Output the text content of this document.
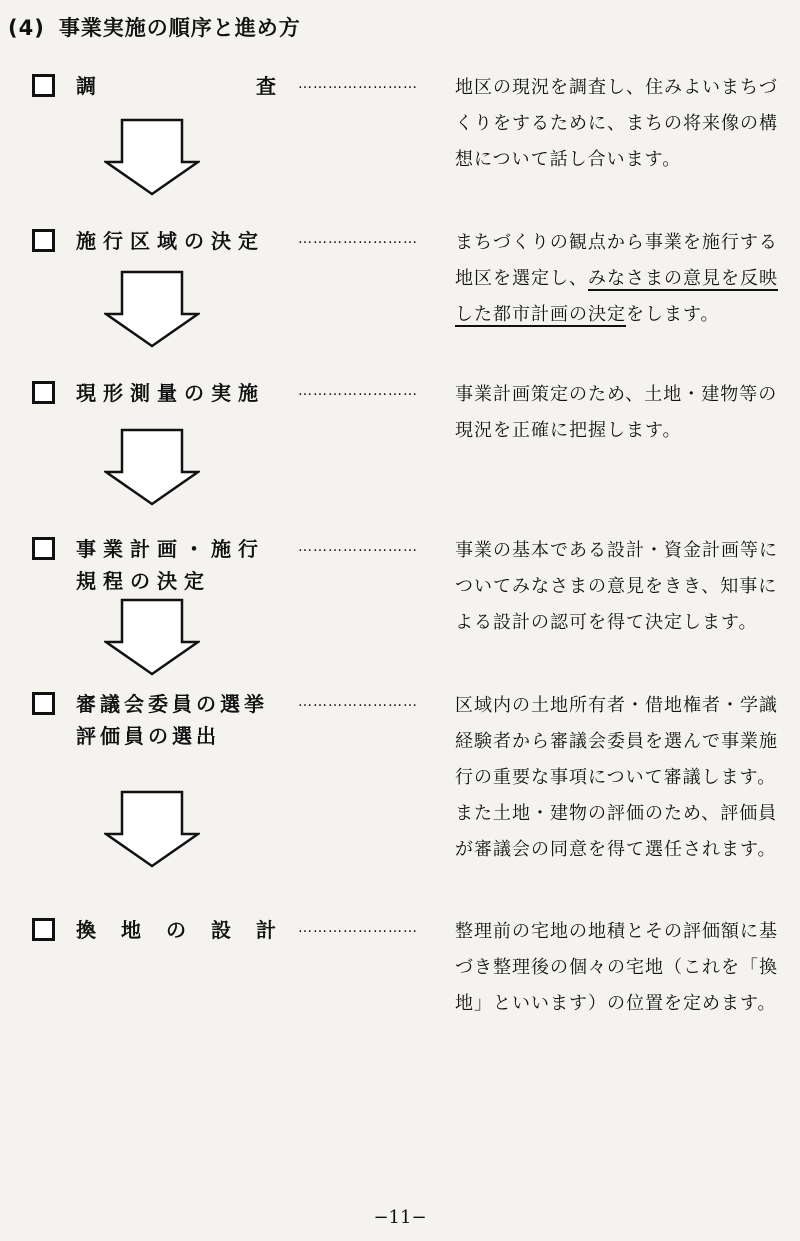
(4) 事業実施の順序と進め方
調	査 ……………………	地区の現況を調査し、住みよいまちづ
くりをするために、まちの将来像の構
想について話し合います。
施行区域の決定 ……………………	まちづくりの観点から事業を施行する
地区を選定し、みなさまの意見を反映
した都市計画の決定をします。
現形測量の実施 ……………………	事業計画策定のため、土地・建物等の
現況を正確に把握します。
事業計画・施行
規程の決定
……………………	事業の基本である設計・資金計画等に
ついてみなさまの意見をきき、知事に
よる設計の認可を得て決定します。
審議会委員の選挙
評価員の選出
……………………	区域内の土地所有者・借地権者・学識
経験者から審議会委員を選んで事業施
行の重要な事項について審議します。
また土地・建物の評価のため、評価員
が審議会の同意を得て選任されます。
換 地 の 設 計 ……………………	整理前の宅地の地積とその評価額に基
づき整理後の個々の宅地（これを「換
地」といいます）の位置を定めます。
−11−
